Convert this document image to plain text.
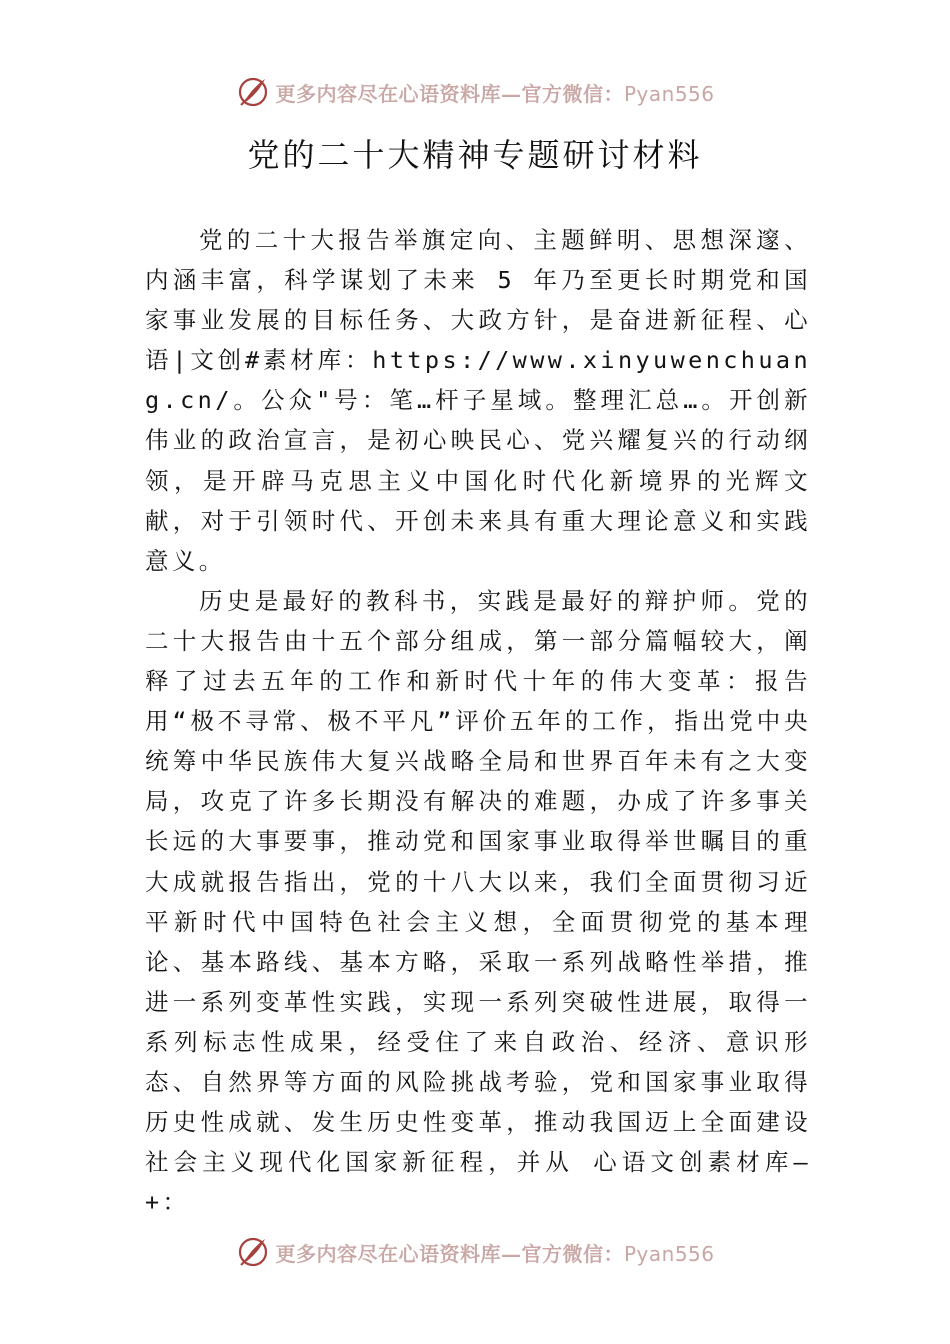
更多内容尽在心语资料库—官方微信：Pyan556
党的二十大精神专题研讨材料

党的二十大报告举旗定向、主题鲜明、思想深邃、内涵丰富，科学谋划了未来 5 年乃至更长时期党和国家事业发展的目标任务、大政方针，是奋进新征程、心语|文创#素材库：https://www.xinyuwenchuang.cn/。公众"号：笔…杆子星域。整理汇总…。开创新伟业的政治宣言，是初心映民心、党兴耀复兴的行动纲领，是开辟马克思主义中国化时代化新境界的光辉文献，对于引领时代、开创未来具有重大理论意义和实践意义。

历史是最好的教科书，实践是最好的辩护师。党的二十大报告由十五个部分组成，第一部分篇幅较大，阐释了过去五年的工作和新时代十年的伟大变革：报告用“极不寻常、极不平凡”评价五年的工作，指出党中央统筹中华民族伟大复兴战略全局和世界百年未有之大变局，攻克了许多长期没有解决的难题，办成了许多事关长远的大事要事，推动党和国家事业取得举世瞩目的重大成就报告指出，党的十八大以来，我们全面贯彻习近平新时代中国特色社会主义想，全面贯彻党的基本理论、基本路线、基本方略，采取一系列战略性举措，推进一系列变革性实践，实现一系列突破性进展，取得一系列标志性成果，经受住了来自政治、经济、意识形态、自然界等方面的风险挑战考验，党和国家事业取得历史性成就、发生历史性变革，推动我国迈上全面建设社会主义现代化国家新征程，并从 心语文创素材库—+：

更多内容尽在心语资料库—官方微信：Pyan556
